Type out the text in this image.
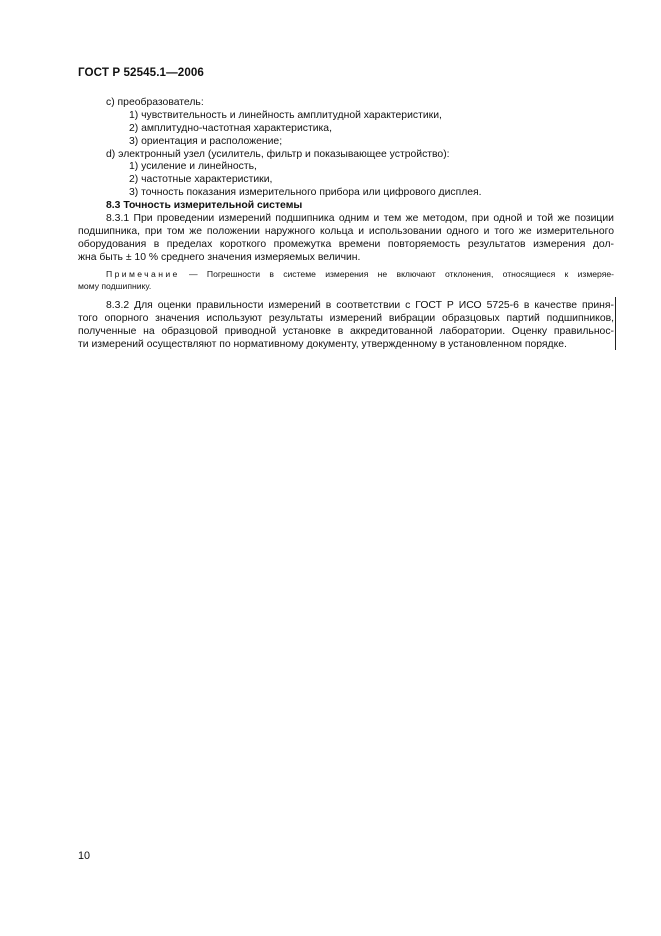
ГОСТ Р 52545.1—2006
c) преобразователь:
1) чувствительность и линейность амплитудной характеристики,
2) амплитудно-частотная характеристика,
3) ориентация и расположение;
d) электронный узел (усилитель, фильтр и показывающее устройство):
1) усиление и линейность,
2) частотные характеристики,
3) точность показания измерительного прибора или цифрового дисплея.
8.3 Точность измерительной системы
8.3.1 При проведении измерений подшипника одним и тем же методом, при одной и той же позиции
подшипника, при том же положении наружного кольца и использовании одного и того же измерительного
оборудования в пределах короткого промежутка времени повторяемость результатов измерения дол-
жна быть ± 10 % среднего значения измеряемых величин.
Примечание — Погрешности в системе измерения не включают отклонения, относящиеся к измеряе-
мому подшипнику.
8.3.2 Для оценки правильности измерений в соответствии с ГОСТ Р ИСО 5725-6 в качестве приня-
того опорного значения используют результаты измерений вибрации образцовых партий подшипников,
полученные на образцовой приводной установке в аккредитованной лаборатории. Оценку правильнос-
ти измерений осуществляют по нормативному документу, утвержденному в установленном порядке.
10
